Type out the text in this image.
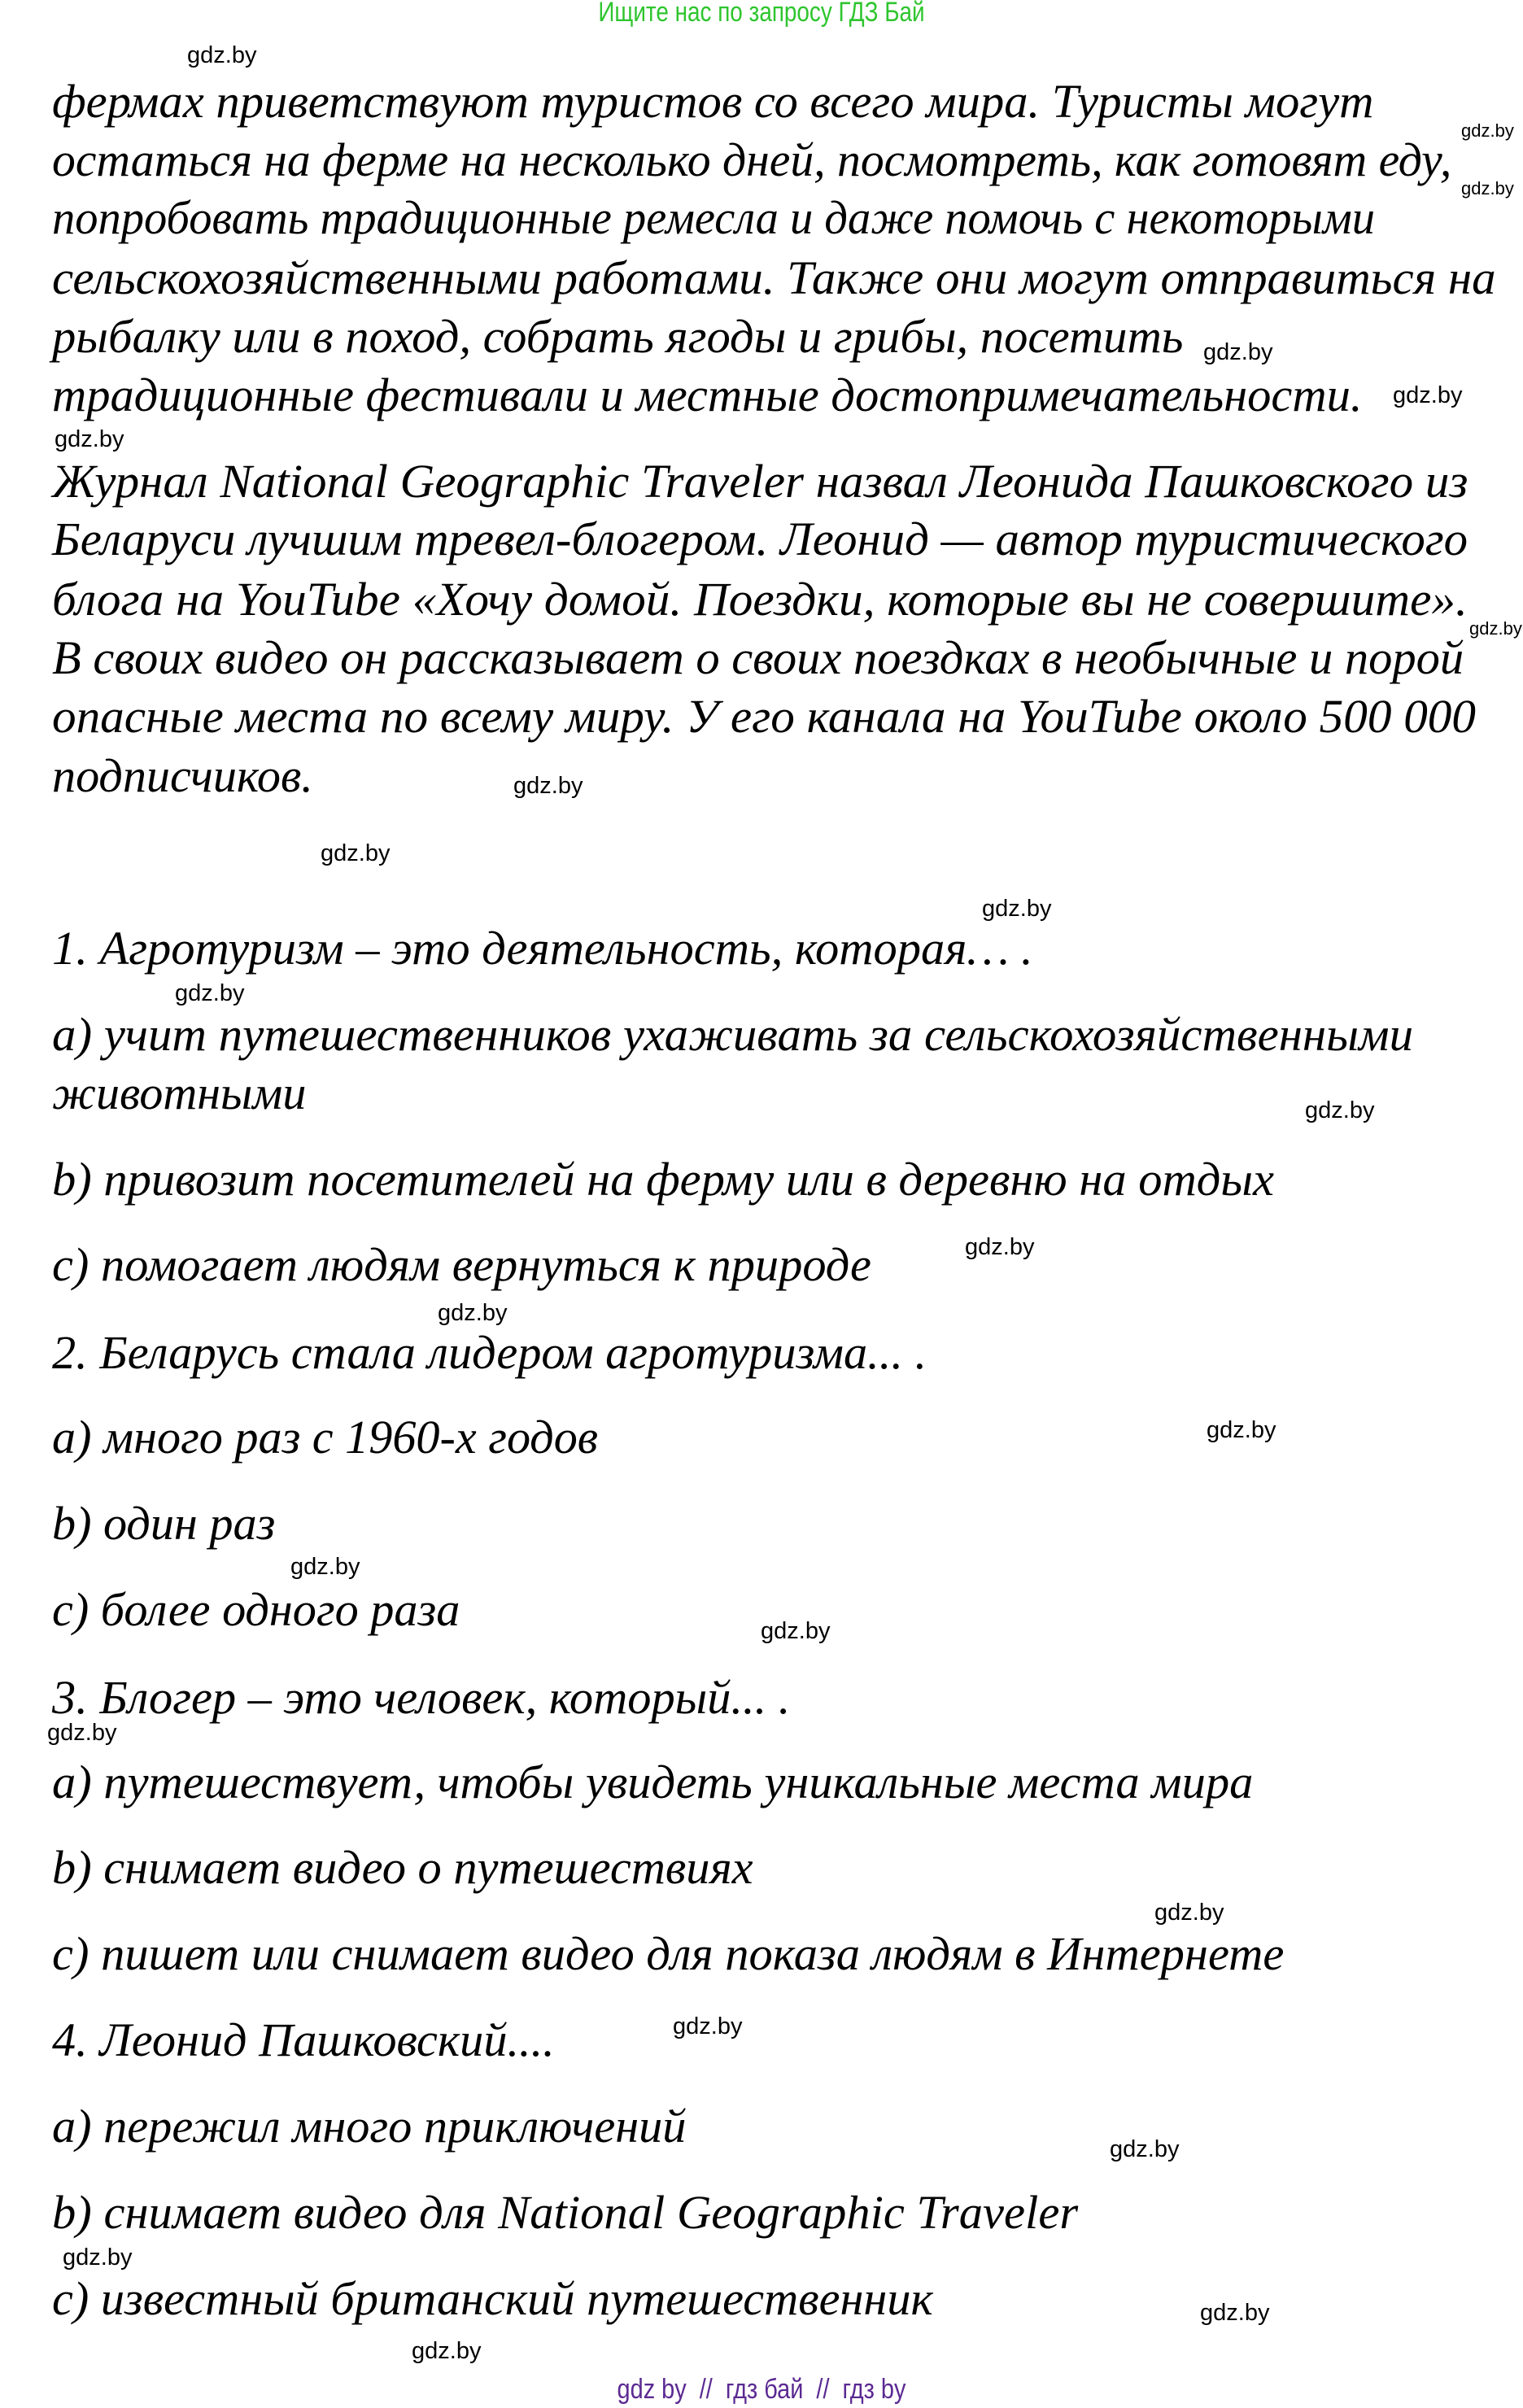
Ищите нас по запросу ГДЗ Бай
фермах приветствуют туристов со всего мира. Туристы могут
остаться на ферме на несколько дней, посмотреть, как готовят еду,
попробовать традиционные ремесла и даже помочь с некоторыми
сельскохозяйственными работами. Также они могут отправиться на
рыбалку или в поход, собрать ягоды и грибы, посетить
традиционные фестивали и местные достопримечательности.
Журнал National Geographic Traveler назвал Леонида Пашковского из
Беларуси лучшим тревел-блогером. Леонид — автор туристического
блога на YouTube «Хочу домой. Поездки, которые вы не совершите».
В своих видео он рассказывает о своих поездках в необычные и порой
опасные места по всему миру. У его канала на YouTube около 500 000
подписчиков.
1. Агротуризм – это деятельность, которая… .
a) учит путешественников ухаживать за сельскохозяйственными
животными
b) привозит посетителей на ферму или в деревню на отдых
c) помогает людям вернуться к природе
2. Беларусь стала лидером агротуризма... .
a) много раз с 1960-х годов
b) один раз
c) более одного раза
3. Блогер – это человек, который... .
a) путешествует, чтобы увидеть уникальные места мира
b) снимает видео о путешествиях
c) пишет или снимает видео для показа людям в Интернете
4. Леонид Пашковский....
a) пережил много приключений
b) снимает видео для National Geographic Traveler
c) известный британский путешественник
gdz.by
gdz.by
gdz.by
gdz.by
gdz.by
gdz.by
gdz.by
gdz.by
gdz.by
gdz.by
gdz.by
gdz.by
gdz.by
gdz.by
gdz.by
gdz.by
gdz.by
gdz.by
gdz.by
gdz.by
gdz.by
gdz.by
gdz.by
gdz.by
gdz by  //  гдз бай  //  гдз by
